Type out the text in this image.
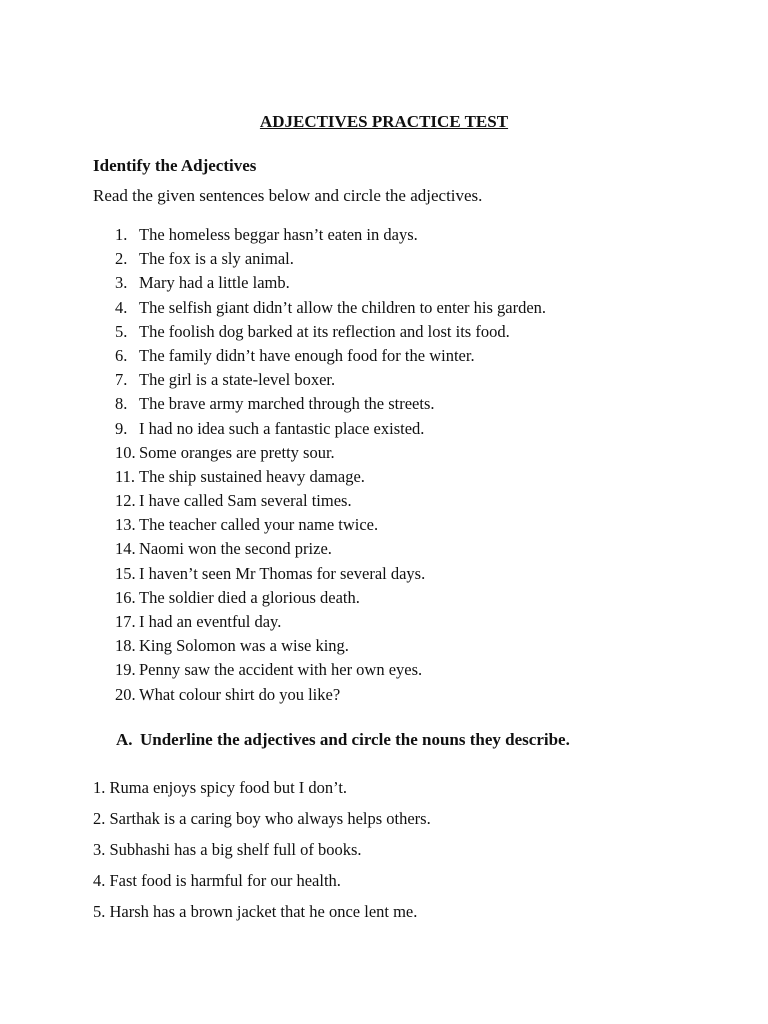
ADJECTIVES PRACTICE TEST
Identify the Adjectives
Read the given sentences below and circle the adjectives.
1. The homeless beggar hasn’t eaten in days.
2. The fox is a sly animal.
3. Mary had a little lamb.
4. The selfish giant didn’t allow the children to enter his garden.
5. The foolish dog barked at its reflection and lost its food.
6. The family didn’t have enough food for the winter.
7. The girl is a state-level boxer.
8. The brave army marched through the streets.
9. I had no idea such a fantastic place existed.
10. Some oranges are pretty sour.
11. The ship sustained heavy damage.
12. I have called Sam several times.
13. The teacher called your name twice.
14. Naomi won the second prize.
15. I haven’t seen Mr Thomas for several days.
16. The soldier died a glorious death.
17. I had an eventful day.
18. King Solomon was a wise king.
19. Penny saw the accident with her own eyes.
20. What colour shirt do you like?
A. Underline the adjectives and circle the nouns they describe.
1. Ruma enjoys spicy food but I don’t.
2. Sarthak is a caring boy who always helps others.
3. Subhashi has a big shelf full of books.
4. Fast food is harmful for our health.
5. Harsh has a brown jacket that he once lent me.
